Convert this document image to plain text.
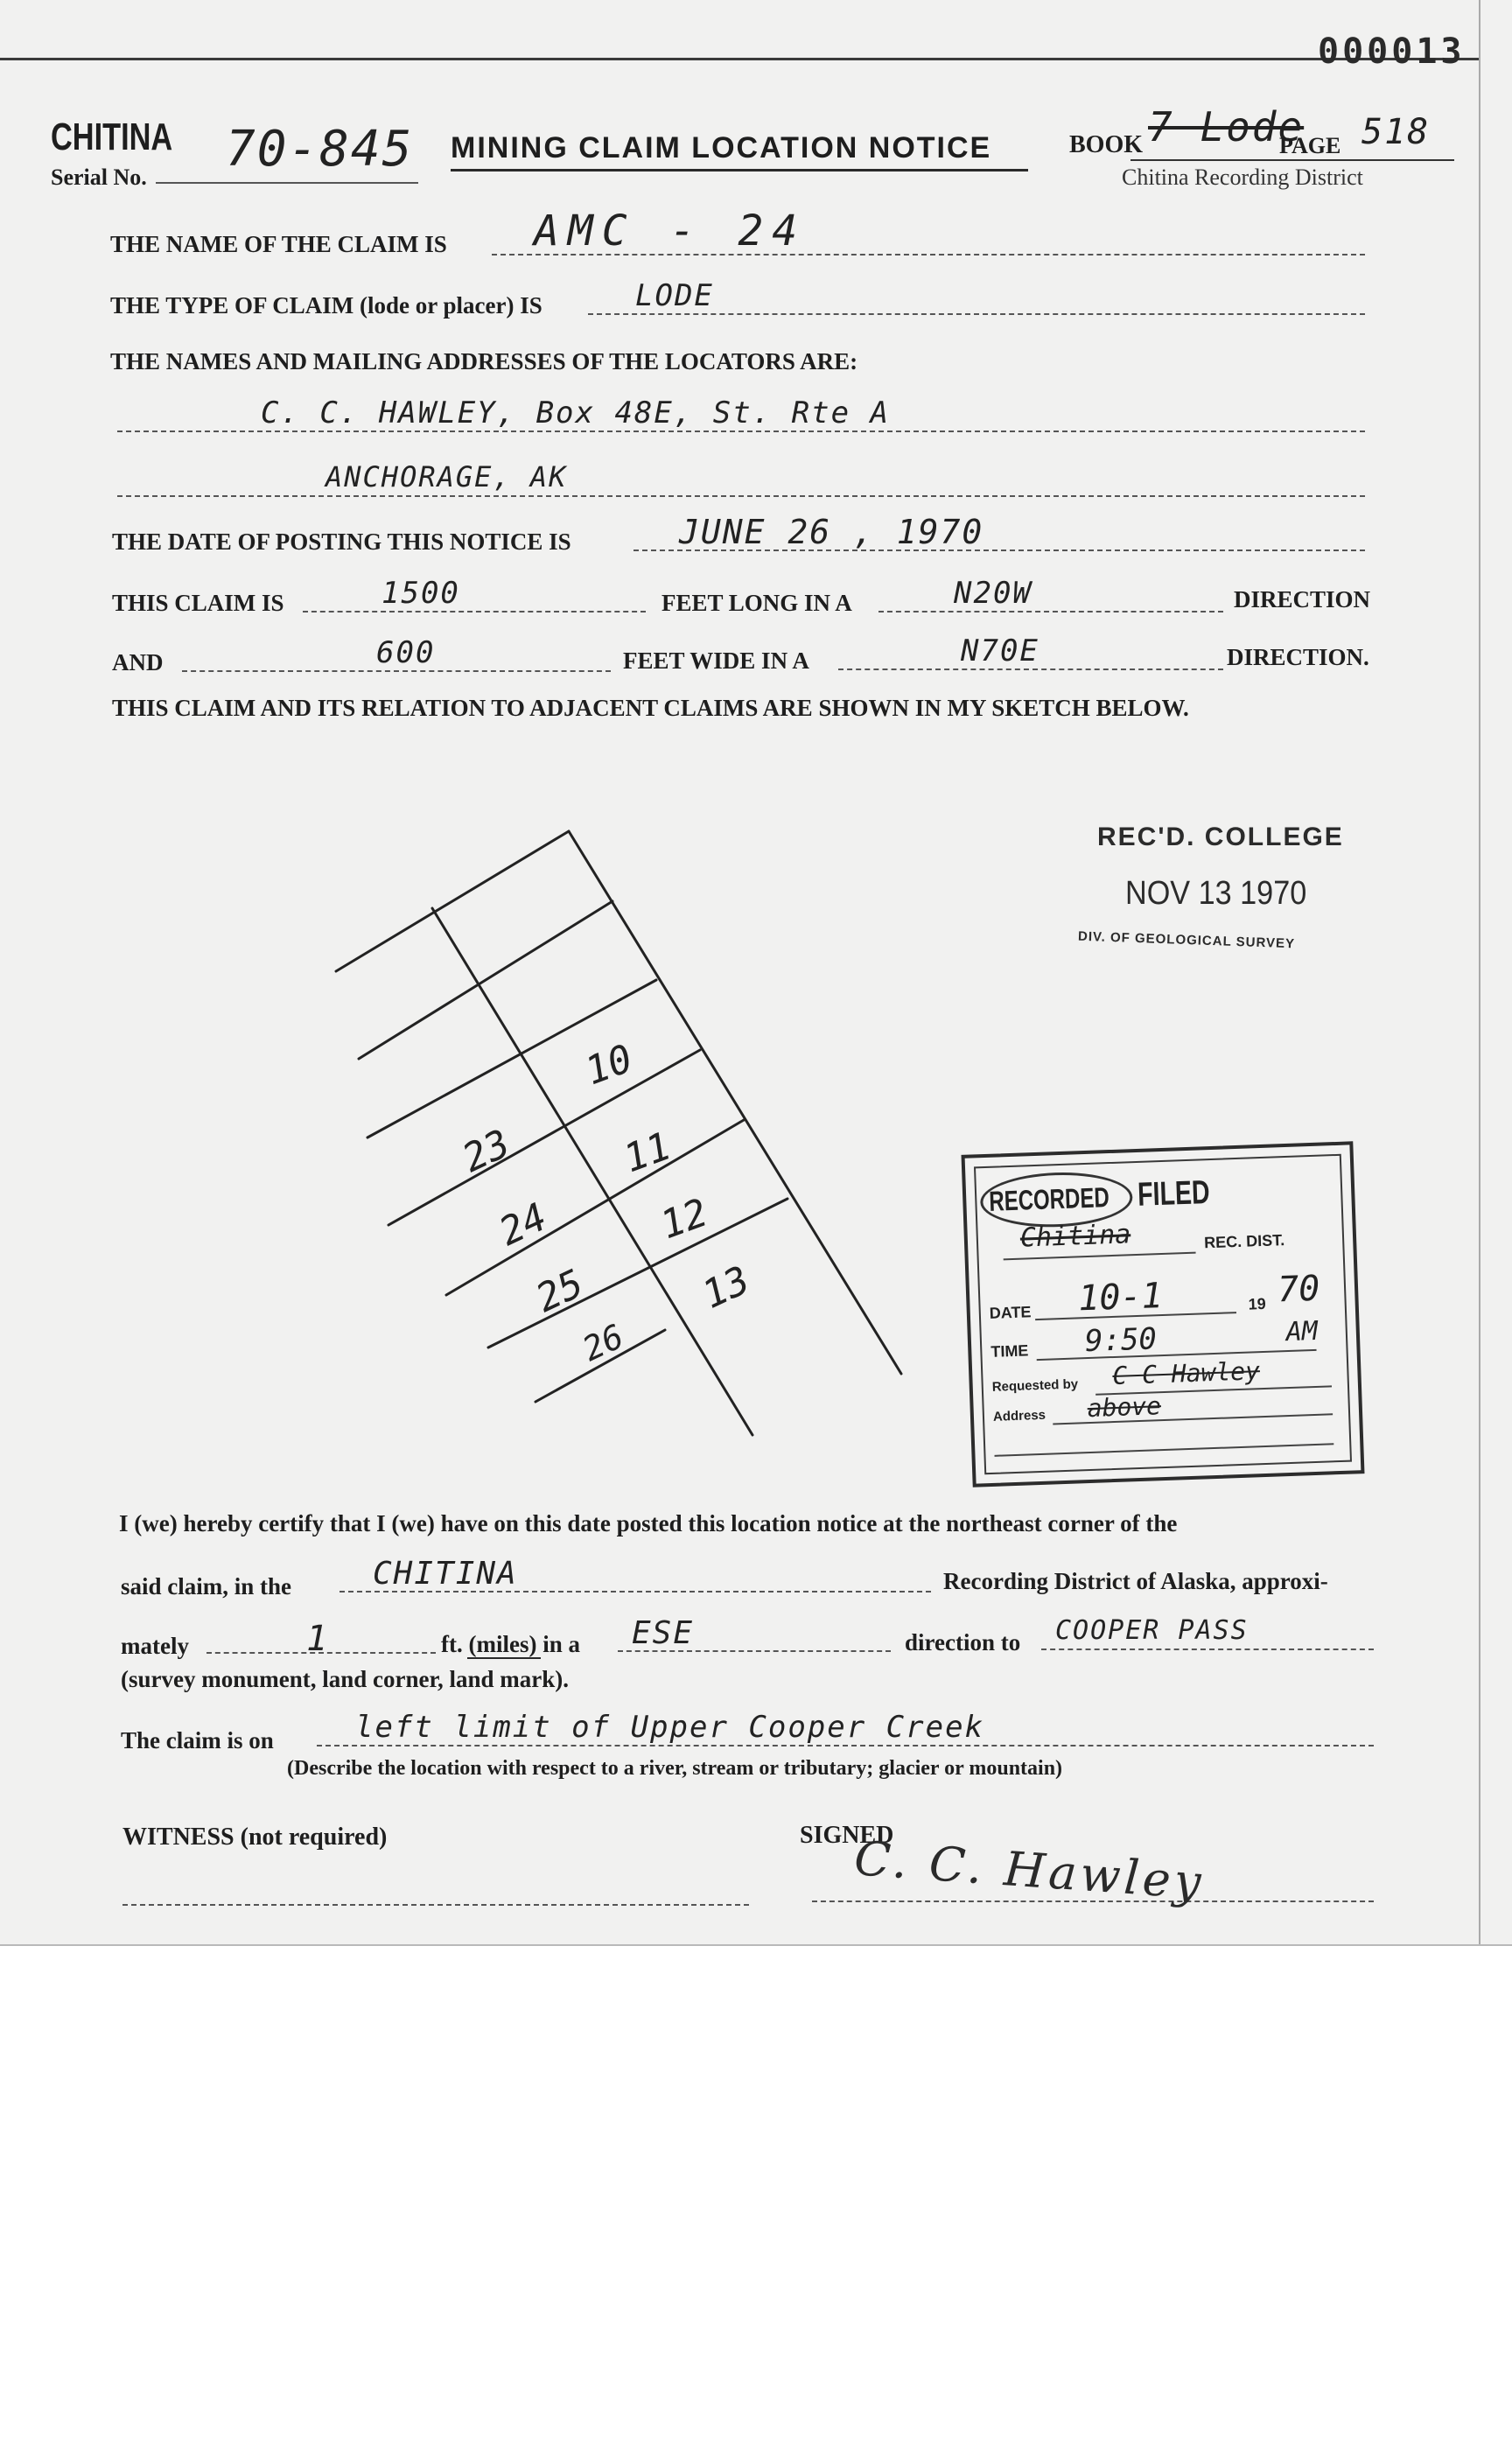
000013
CHITINA
Serial No. 70-845 MINING CLAIM LOCATION NOTICE	BOOK 7 Lode
PAGE 518
Chitina Recording District
THE NAME OF THE CLAIM IS AMC - 24
THE TYPE OF CLAIM (lode or placer) IS	LODE
THE NAMES AND MAILING ADDRESSES OF THE LOCATORS ARE:
C. C. HAWLEY, Box 48E, St. Rte A
ANCHORAGE, AK
THE DATE OF POSTING THIS NOTICE IS	JUNE 26 , 1970
THIS CLAIM IS	1500	FEET LONG IN A	N20W	DIRECTION
AND	600	FEET WIDE IN A	N70E	DIRECTION.
THIS CLAIM AND ITS RELATION TO ADJACENT CLAIMS ARE SHOWN IN MY SKETCH BELOW.
REC'D. COLLEGE
NOV 13 1970
DIV. OF GEOLOGICAL SURVEY
10
11
12
13
23
24
25
26
RECORDED FILED
Chitina	REC. DIST.
DATE 10-1	19 70
TIME 9:50	AM
Requested by C C Hawley
Address above
I (we) hereby certify that I (we) have on this date posted this location notice at the northeast corner of the
said claim, in the	CHITINA	Recording District of Alaska, approxi-
mately	1	ft. (miles) in a ESE	direction to COOPER PASS
(survey monument, land corner, land mark).
The claim is on	left limit of Upper Cooper Creek
(Describe the location with respect to a river, stream or tributary; glacier or mountain)
WITNESS (not required)	SIGNED
C. C. Hawley
